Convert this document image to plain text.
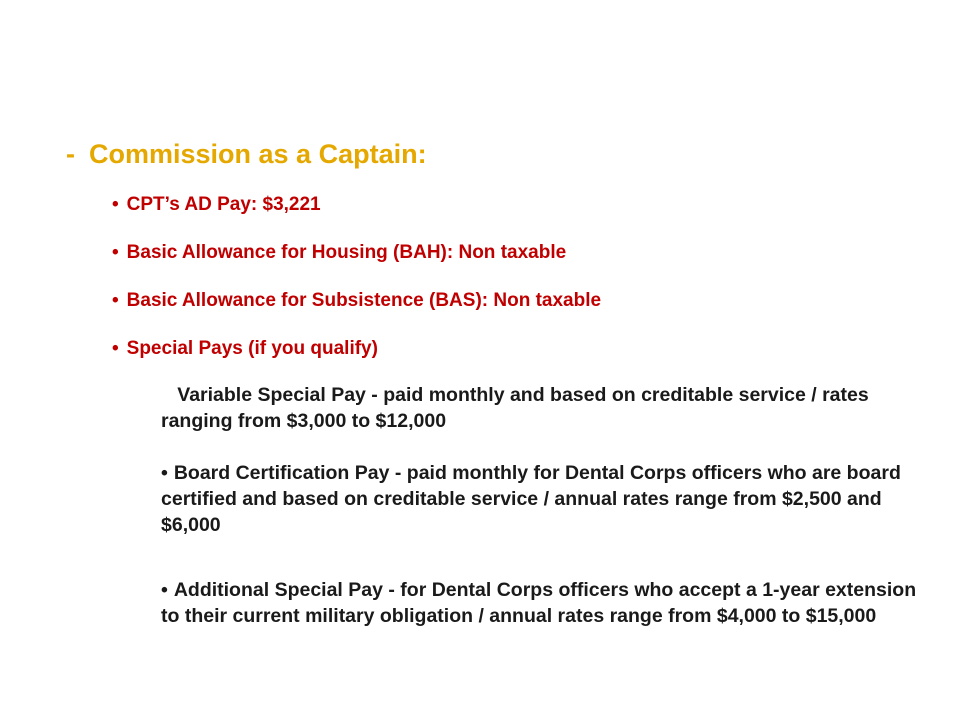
- Commission as a Captain:
• CPT’s AD Pay: $3,221
• Basic Allowance for Housing (BAH): Non taxable
• Basic Allowance for Subsistence (BAS): Non taxable
• Special Pays (if you qualify)
Variable Special Pay - paid monthly and based on creditable service / rates ranging from $3,000 to $12,000
• Board Certification Pay - paid monthly for Dental Corps officers who are board certified and based on creditable service / annual rates range from $2,500 and $6,000
• Additional Special Pay - for Dental Corps officers who accept a 1-year extension to their current military obligation / annual rates range from $4,000 to $15,000
